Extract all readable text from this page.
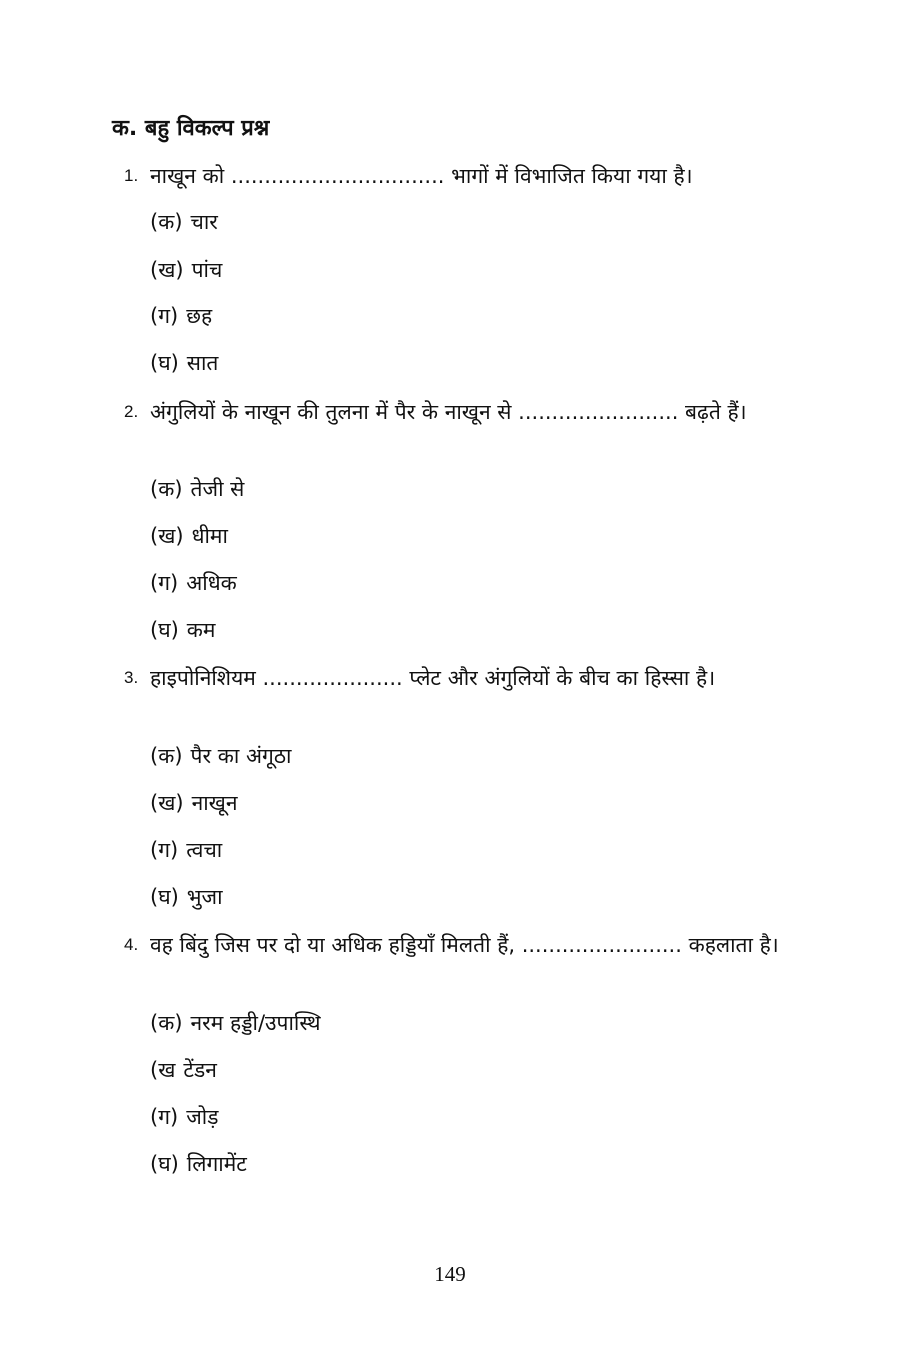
क. बहु विकल्प प्रश्न
1. नाखून को ................................ भागों में विभाजित किया गया है।
(क) चार
(ख) पांच
(ग) छह
(घ) सात
2. अंगुलियों के नाखून की तुलना में पैर के नाखून से ........................ बढ़ते हैं।
(क) तेजी से
(ख) धीमा
(ग) अधिक
(घ) कम
3. हाइपोनिशियम ..................... प्लेट और अंगुलियों के बीच का हिस्सा है।
(क) पैर का अंगूठा
(ख) नाखून
(ग) त्वचा
(घ) भुजा
4. वह बिंदु जिस पर दो या अधिक हड्डियाँ मिलती हैं, ........................ कहलाता है।
(क) नरम हड्डी/उपास्थि
(ख टेंडन
(ग) जोड़
(घ) लिगामेंट
149
